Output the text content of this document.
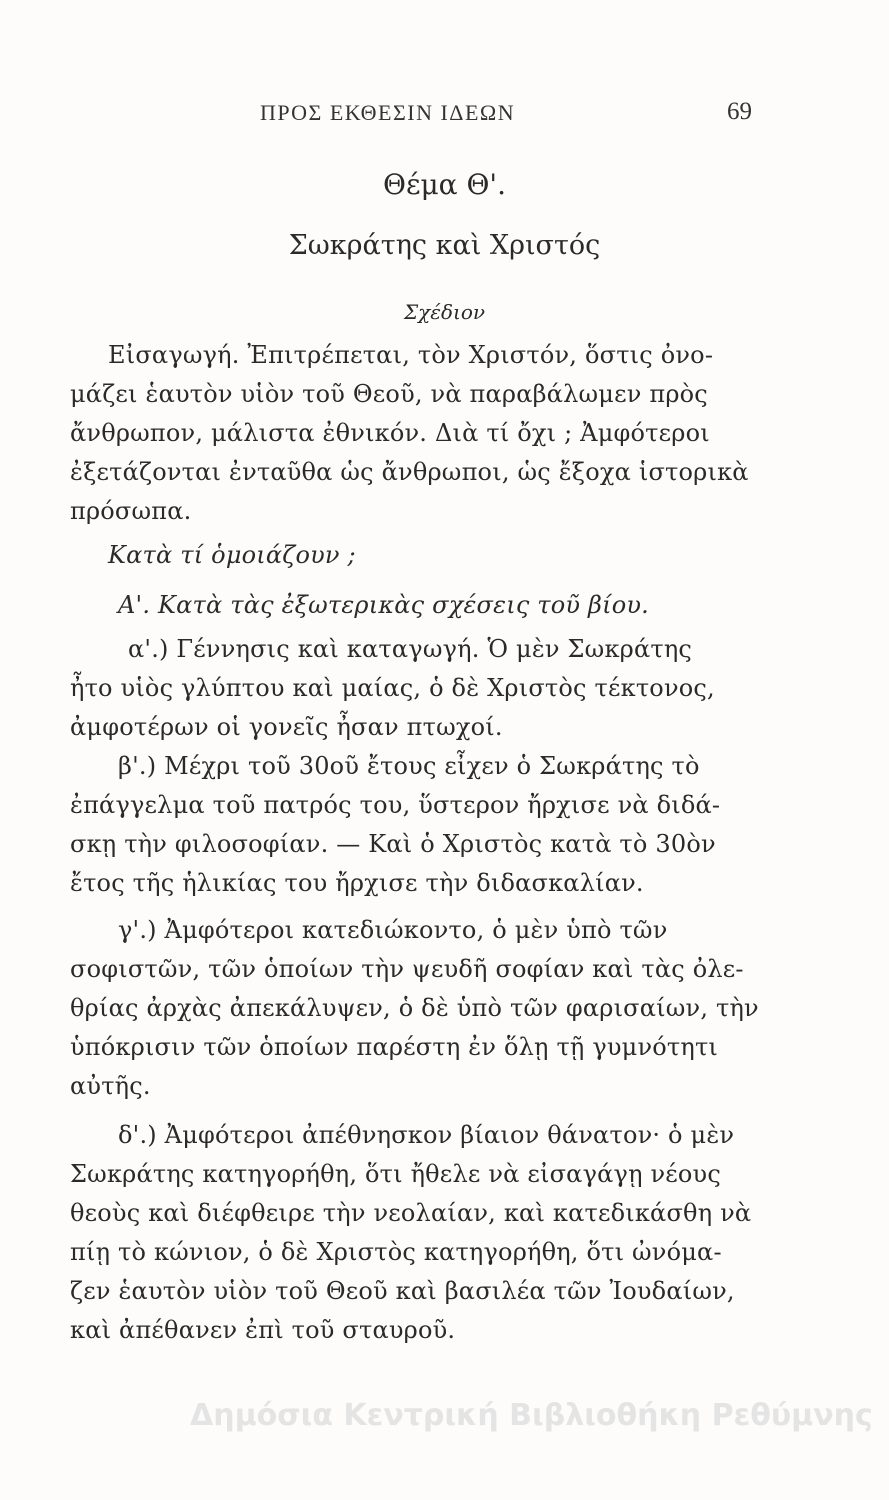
ΠΡΟΣ ΕΚΘΕΣΙΝ ΙΔΕΩΝ	69
Θέμα Θ'.
Σωκράτης καὶ Χριστός
Σχέδιον
Εἰσαγωγή. Ἐπιτρέπεται, τὸν Χριστόν, ὅστις ὀνο-
μάζει ἑαυτὸν υἱὸν τοῦ Θεοῦ, νὰ παραβάλωμεν πρὸς
ἄνθρωπον, μάλιστα ἐθνικόν. Διὰ τί ὄχι ; Ἀμφότεροι
ἐξετάζονται ἐνταῦθα ὡς ἄνθρωποι, ὡς ἔξοχα ἱστορικὰ
πρόσωπα.
Κατὰ τί ὁμοιάζουν ;
Α'. Κατὰ τὰς ἐξωτερικὰς σχέσεις τοῦ βίου.
α'.) Γέννησις καὶ καταγωγή. Ὁ μὲν Σωκράτης
ἦτο υἱὸς γλύπτου καὶ μαίας, ὁ δὲ Χριστὸς τέκτονος,
ἀμφοτέρων οἱ γονεῖς ἦσαν πτωχοί.
β'.) Μέχρι τοῦ 30οῦ ἔτους εἶχεν ὁ Σωκράτης τὸ
ἐπάγγελμα τοῦ πατρός του, ὕστερον ἤρχισε νὰ διδά-
σκῃ τὴν φιλοσοφίαν. — Καὶ ὁ Χριστὸς κατὰ τὸ 30ὸν
ἔτος τῆς ἡλικίας του ἤρχισε τὴν διδασκαλίαν.
γ'.) Ἀμφότεροι κατεδιώκοντο, ὁ μὲν ὑπὸ τῶν
σοφιστῶν, τῶν ὁποίων τὴν ψευδῆ σοφίαν καὶ τὰς ὀλε-
θρίας ἀρχὰς ἀπεκάλυψεν, ὁ δὲ ὑπὸ τῶν φαρισαίων, τὴν
ὑπόκρισιν τῶν ὁποίων παρέστη ἐν ὅλῃ τῇ γυμνότητι
αὐτῆς.
δ'.) Ἀμφότεροι ἀπέθνησκον βίαιον θάνατον· ὁ μὲν
Σωκράτης κατηγορήθη, ὅτι ἤθελε νὰ εἰσαγάγῃ νέους
θεοὺς καὶ διέφθειρε τὴν νεολαίαν, καὶ κατεδικάσθη νὰ
πίῃ τὸ κώνιον, ὁ δὲ Χριστὸς κατηγορήθη, ὅτι ὠνόμα-
ζεν ἑαυτὸν υἱὸν τοῦ Θεοῦ καὶ βασιλέα τῶν Ἰουδαίων,
καὶ ἀπέθανεν ἐπὶ τοῦ σταυροῦ.
Δημόσια Κεντρική Βιβλιοθήκη Ρεθύμνης
